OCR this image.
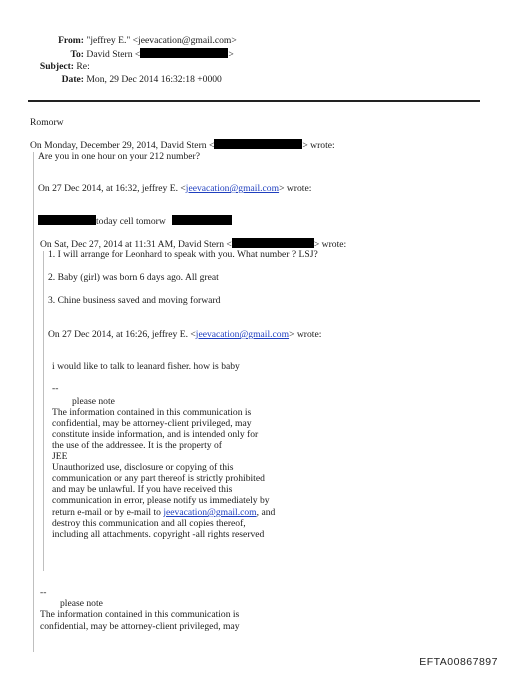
From: "jeffrey E." <jeevacation@gmail.com>
To: David Stern <	>
Subject: Re:
Date: Mon, 29 Dec 2014 16:32:18 +0000
Romorw
On Monday, December 29, 2014, David Stern <	> wrote:
Are you in one hour on your 212 number?
On 27 Dec 2014, at 16:32, jeffrey E. <jeevacation@gmail.com> wrote:
today cell tomorw
On Sat, Dec 27, 2014 at 11:31 AM, David Stern <	> wrote:
1. I will arrange for Leonhard to speak with you. What number ? LSJ?
2. Baby (girl) was born 6 days ago. All great
3. Chine business saved and moving forward
On 27 Dec 2014, at 16:26, jeffrey E. <jeevacation@gmail.com> wrote:
i would like to talk to leanard fisher. how is baby
--
please note
The information contained in this communication is
confidential, may be attorney-client privileged, may
constitute inside information, and is intended only for
the use of the addressee. It is the property of
JEE
Unauthorized use, disclosure or copying of this
communication or any part thereof is strictly prohibited
and may be unlawful. If you have received this
communication in error, please notify us immediately by
return e-mail or by e-mail to jeevacation@gmail.com, and
destroy this communication and all copies thereof,
including all attachments. copyright -all rights reserved
--
please note
The information contained in this communication is
confidential, may be attorney-client privileged, may
EFTA00867897
